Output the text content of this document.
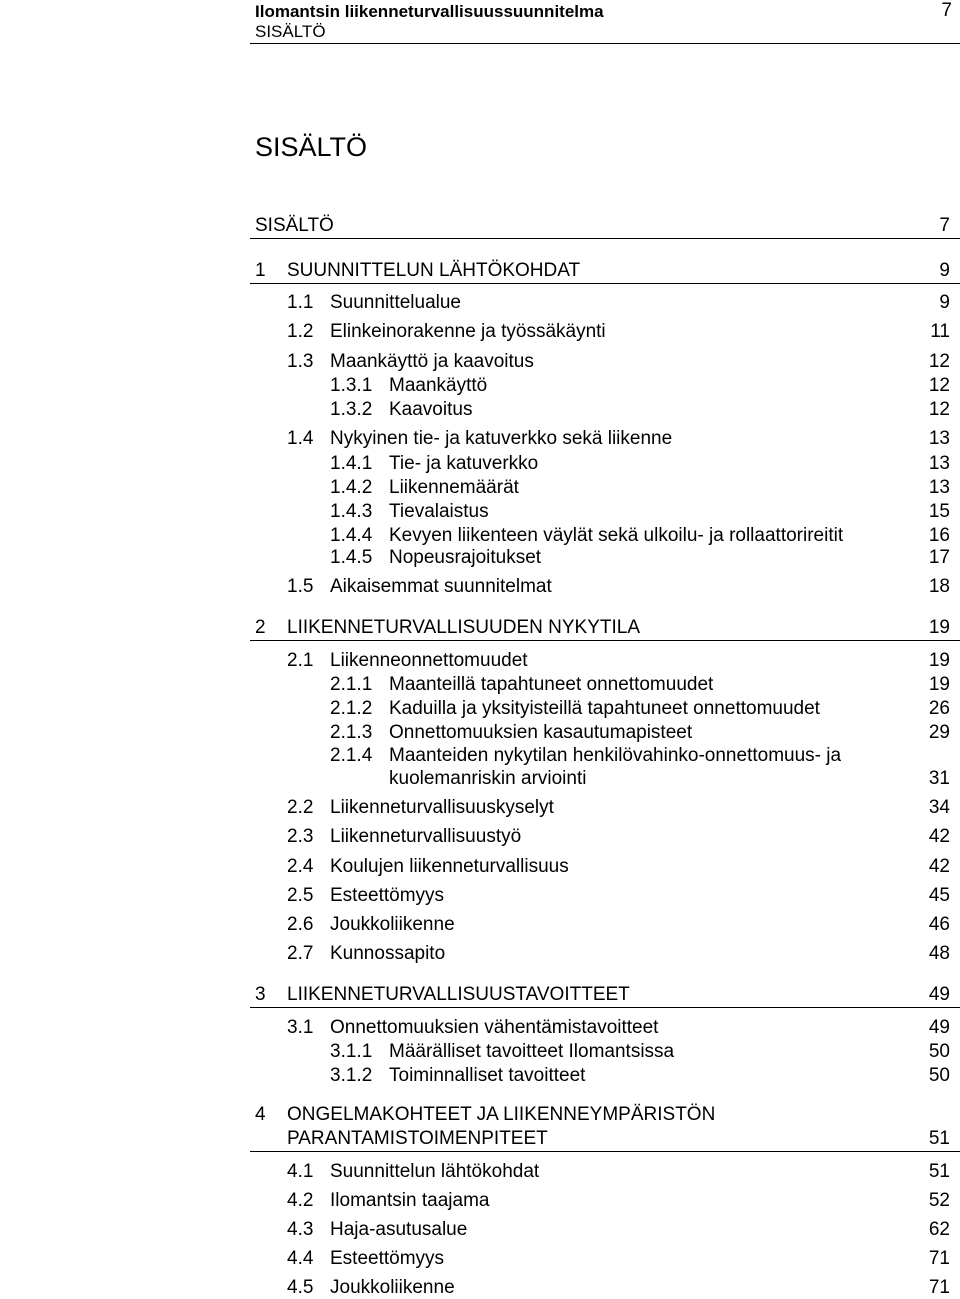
Ilomantsin liikenneturvallisuussuunnitelma	7
SISÄLTÖ
SISÄLTÖ
SISÄLTÖ	7
1 SUUNNITTELUN LÄHTÖKOHDAT	9
1.1 Suunnittelualue	9
1.2 Elinkeinorakenne ja työssäkäynti	11
1.3 Maankäyttö ja kaavoitus	12
1.3.1 Maankäyttö	12
1.3.2 Kaavoitus	12
1.4 Nykyinen tie- ja katuverkko sekä liikenne	13
1.4.1 Tie- ja katuverkko	13
1.4.2 Liikennemäärät	13
1.4.3 Tievalaistus	15
1.4.4 Kevyen liikenteen väylät sekä ulkoilu- ja rollaattorireitit	16
1.4.5 Nopeusrajoitukset	17
1.5 Aikaisemmat suunnitelmat	18
2 LIIKENNETURVALLISUUDEN NYKYTILA	19
2.1 Liikenneonnettomuudet	19
2.1.1 Maanteillä tapahtuneet onnettomuudet	19
2.1.2 Kaduilla ja yksityisteillä tapahtuneet onnettomuudet	26
2.1.3 Onnettomuuksien kasautumapisteet	29
2.1.4 Maanteiden nykytilan henkilövahinko-onnettomuus- ja
kuolemanriskin arviointi	31
2.2 Liikenneturvallisuuskyselyt	34
2.3 Liikenneturvallisuustyö	42
2.4 Koulujen liikenneturvallisuus	42
2.5 Esteettömyys	45
2.6 Joukkoliikenne	46
2.7 Kunnossapito	48
3 LIIKENNETURVALLISUUSTAVOITTEET	49
3.1 Onnettomuuksien vähentämistavoitteet	49
3.1.1 Määrälliset tavoitteet Ilomantsissa	50
3.1.2 Toiminnalliset tavoitteet	50
4 ONGELMAKOHTEET JA LIIKENNEYMPÄRISTÖN
PARANTAMISTOIMENPITEET	51
4.1 Suunnittelun lähtökohdat	51
4.2 Ilomantsin taajama	52
4.3 Haja-asutusalue	62
4.4 Esteettömyys	71
4.5 Joukkoliikenne	71
